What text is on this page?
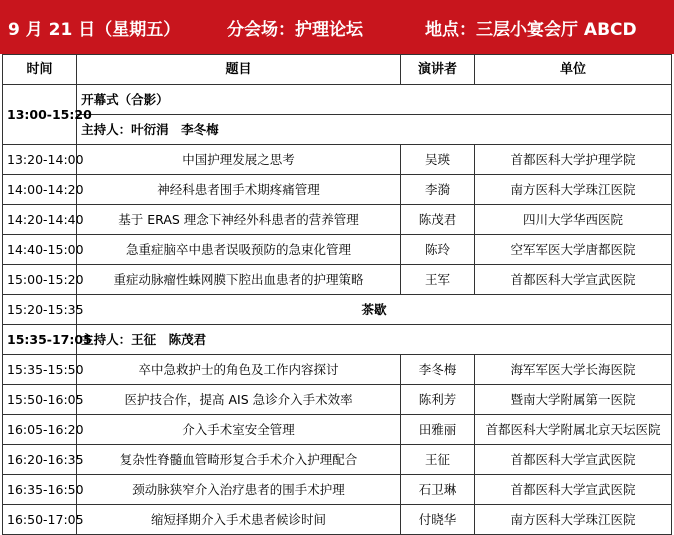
9 月 21 日（星期五）	分会场：护理论坛	地点：三层小宴会厅 ABCD
时间	题目	演讲者	单位
13:00-15:20	开幕式（合影）		
	主持人：叶衍涓　李冬梅		
13:20-14:00	中国护理发展之思考	吴瑛	首都医科大学护理学院
14:00-14:20	神经科患者围手术期疼痛管理	李漪	南方医科大学珠江医院
14:20-14:40	基于 ERAS 理念下神经外科患者的营养管理	陈茂君	四川大学华西医院
14:40-15:00	急重症脑卒中患者误吸预防的急束化管理	陈玲	空军军医大学唐都医院
15:00-15:20	重症动脉瘤性蛛网膜下腔出血患者的护理策略	王军	首都医科大学宣武医院
15:20-15:35	茶歇		
15:35-17:05	主持人：王征　陈茂君		
15:35-15:50	卒中急救护士的角色及工作内容探讨	李冬梅	海军军医大学长海医院
15:50-16:05	医护技合作，提高 AIS 急诊介入手术效率	陈利芳	暨南大学附属第一医院
16:05-16:20	介入手术室安全管理	田雅丽	首都医科大学附属北京天坛医院
16:20-16:35	复杂性脊髓血管畸形复合手术介入护理配合	王征	首都医科大学宣武医院
16:35-16:50	颈动脉狭窄介入治疗患者的围手术护理	石卫琳	首都医科大学宣武医院
16:50-17:05	缩短择期介入手术患者候诊时间	付晓华	南方医科大学珠江医院
